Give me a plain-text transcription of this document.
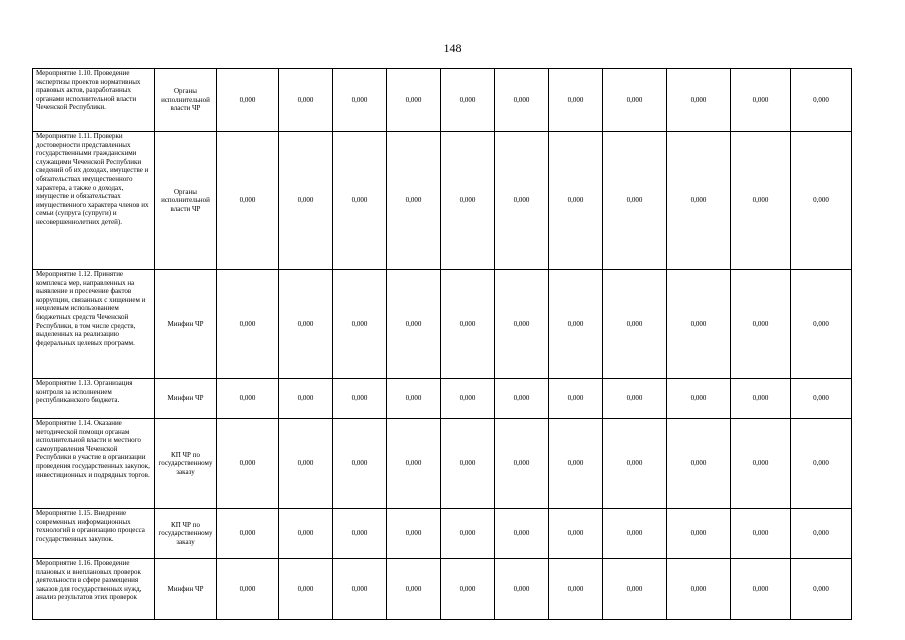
148
Мероприятие 1.10. Проведение экспертизы проектов нормативных правовых актов, разработанных органами исполнительной власти Чеченской Республики.	Органы исполнительной власти ЧР	0,000	0,000	0,000	0,000	0,000	0,000	0,000	0,000	0,000	0,000	0,000
Мероприятие 1.11. Проверки достоверности представленных государственными гражданскими служащими Чеченской Республики сведений об их доходах, имуществе и обязательствах имущественного характера, а также о доходах, имуществе и обязательствах имущественного характера членов их семьи (супруга (супруги) и несовершеннолетних детей).	Органы исполнительной власти ЧР	0,000	0,000	0,000	0,000	0,000	0,000	0,000	0,000	0,000	0,000	0,000
Мероприятие 1.12. Принятие комплекса мер, направленных на выявление и пресечение фактов коррупции, связанных с хищением и нецелевым использованием бюджетных средств Чеченской Республики, в том числе средств, выделенных на реализацию федеральных целевых программ.	Минфин ЧР	0,000	0,000	0,000	0,000	0,000	0,000	0,000	0,000	0,000	0,000	0,000
Мероприятие 1.13. Организация контроля за исполнением республиканского бюджета.	Минфин ЧР	0,000	0,000	0,000	0,000	0,000	0,000	0,000	0,000	0,000	0,000	0,000
Мероприятие 1.14. Оказание методической помощи органам исполнительной власти и местного самоуправления Чеченской Республики в участие в организации проведения государственных закупок, инвестиционных и подрядных торгов.	КП ЧР по государственному заказу	0,000	0,000	0,000	0,000	0,000	0,000	0,000	0,000	0,000	0,000	0,000
Мероприятие 1.15. Внедрение современных информационных технологий в организацию процесса государственных закупок.	КП ЧР по государственному заказу	0,000	0,000	0,000	0,000	0,000	0,000	0,000	0,000	0,000	0,000	0,000
Мероприятие 1.16. Проведение плановых и внеплановых проверок деятельности в сфере размещения заказов для государственных нужд, анализ результатов этих проверок	Минфин ЧР	0,000	0,000	0,000	0,000	0,000	0,000	0,000	0,000	0,000	0,000	0,000
